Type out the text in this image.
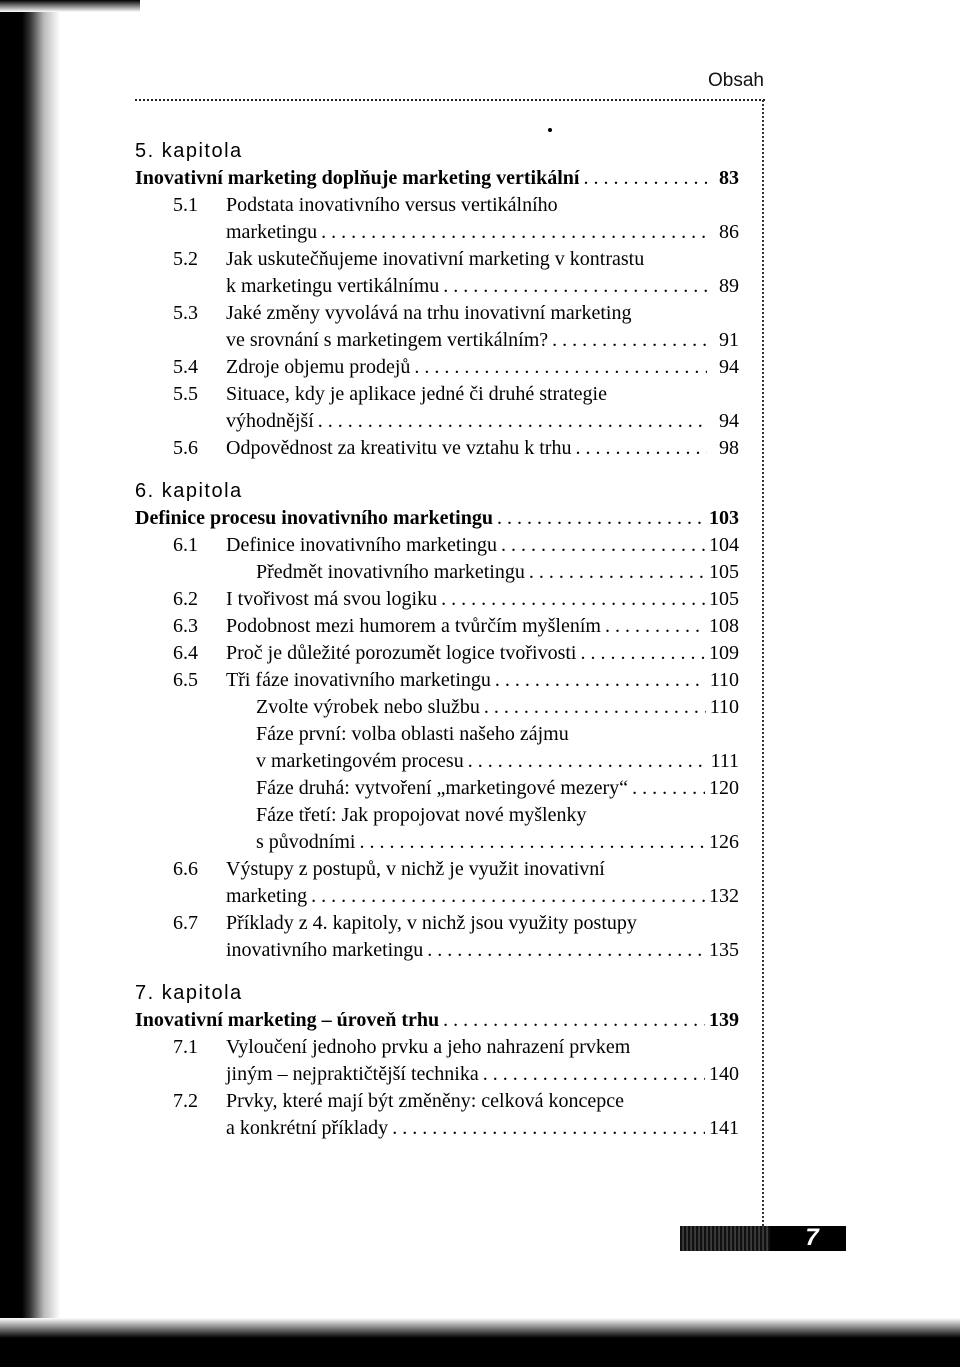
Obsah
5. kapitola
Inovativní marketing doplňuje marketing vertikální . . .	83
5.1 Podstata inovativního versus vertikálního
marketingu . . .	86
5.2 Jak uskutečňujeme inovativní marketing v kontrastu
k marketingu vertikálnímu . . .	89
5.3 Jaké změny vyvolává na trhu inovativní marketing
ve srovnání s marketingem vertikálním? . . .	91
5.4 Zdroje objemu prodejů . . .	94
5.5 Situace, kdy je aplikace jedné či druhé strategie
výhodnější . . .	94
5.6 Odpovědnost za kreativitu ve vztahu k trhu . . .	98
6. kapitola
Definice procesu inovativního marketingu . . .	103
6.1 Definice inovativního marketingu . . .	104
Předmět inovativního marketingu . . .	105
6.2 I tvořivost má svou logiku . . .	105
6.3 Podobnost mezi humorem a tvůrčím myšlením . . .	108
6.4 Proč je důležité porozumět logice tvořivosti . . .	109
6.5 Tři fáze inovativního marketingu . . .	110
Zvolte výrobek nebo službu . . .	110
Fáze první: volba oblasti našeho zájmu
v marketingovém procesu . . .	111
Fáze druhá: vytvoření „marketingové mezery“ . . .	120
Fáze třetí: Jak propojovat nové myšlenky
s původními . . .	126
6.6 Výstupy z postupů, v nichž je využit inovativní
marketing . . .	132
6.7 Příklady z 4. kapitoly, v nichž jsou využity postupy
inovativního marketingu . . .	135
7. kapitola
Inovativní marketing – úroveň trhu . . .	139
7.1 Vyloučení jednoho prvku a jeho nahrazení prvkem
jiným – nejpraktičtější technika . . .	140
7.2 Prvky, které mají být změněny: celková koncepce
a konkrétní příklady . . .	141
7
